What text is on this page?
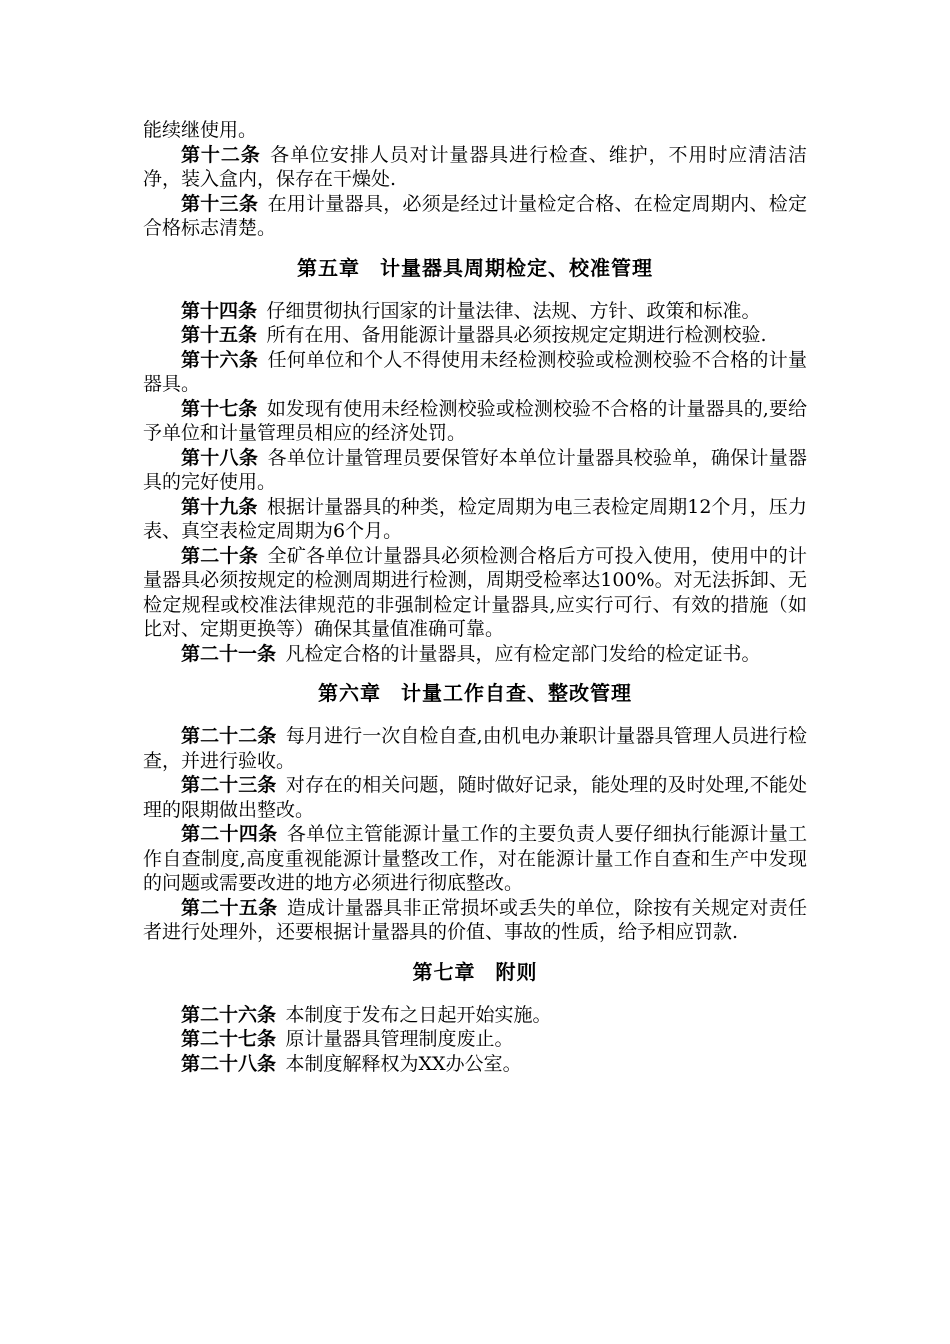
能续继使用。

第十二条 各单位安排人员对计量器具进行检查、维护，不用时应清洁洁净，装入盒内，保存在干燥处.

第十三条 在用计量器具，必须是经过计量检定合格、在检定周期内、检定合格标志清楚。

第五章 计量器具周期检定、校准管理

第十四条 仔细贯彻执行国家的计量法律、法规、方针、政策和标准。

第十五条 所有在用、备用能源计量器具必须按规定定期进行检测校验.

第十六条 任何单位和个人不得使用未经检测校验或检测校验不合格的计量器具。

第十七条 如发现有使用未经检测校验或检测校验不合格的计量器具的,要给予单位和计量管理员相应的经济处罚。

第十八条 各单位计量管理员要保管好本单位计量器具校验单，确保计量器具的完好使用。

第十九条 根据计量器具的种类，检定周期为电三表检定周期12个月，压力表、真空表检定周期为6个月。

第二十条 全矿各单位计量器具必须检测合格后方可投入使用，使用中的计量器具必须按规定的检测周期进行检测，周期受检率达100%。对无法拆卸、无检定规程或校准法律规范的非强制检定计量器具,应实行可行、有效的措施（如比对、定期更换等）确保其量值准确可靠。

第二十一条 凡检定合格的计量器具，应有检定部门发给的检定证书。

第六章 计量工作自查、整改管理

第二十二条 每月进行一次自检自查,由机电办兼职计量器具管理人员进行检查，并进行验收。

第二十三条 对存在的相关问题，随时做好记录，能处理的及时处理,不能处理的限期做出整改。

第二十四条 各单位主管能源计量工作的主要负责人要仔细执行能源计量工作自查制度,高度重视能源计量整改工作，对在能源计量工作自查和生产中发现的问题或需要改进的地方必须进行彻底整改。

第二十五条 造成计量器具非正常损坏或丢失的单位，除按有关规定对责任者进行处理外，还要根据计量器具的价值、事故的性质，给予相应罚款.

第七章 附则

第二十六条 本制度于发布之日起开始实施。

第二十七条 原计量器具管理制度废止。

第二十八条 本制度解释权为XX办公室。
